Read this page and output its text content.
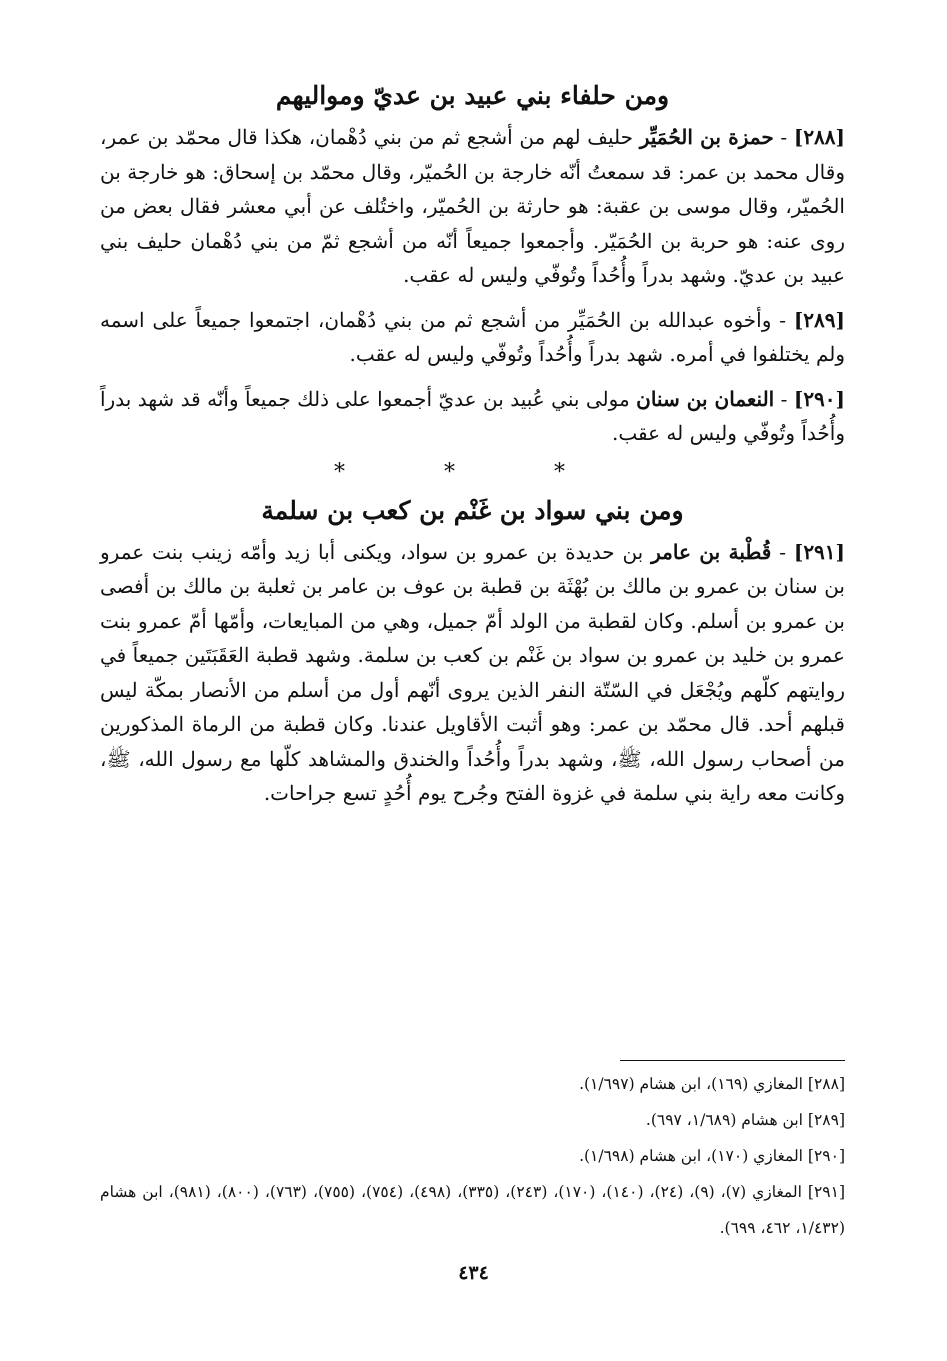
ومن حلفاء بني عبيد بن عديّ ومواليهم

[٢٨٨] - حمزة بن الحُمَيِّر حليف لهم من أشجع ثم من بني دُهْمان، هكذا قال محمّد بن عمر، وقال محمد بن عمر: قد سمعتُ أنّه خارجة بن الحُميّر، وقال محمّد بن إسحاق: هو خارجة بن الحُميّر، وقال موسى بن عقبة: هو حارثة بن الحُميّر، واختُلف عن أبي معشر فقال بعض من روى عنه: هو حربة بن الحُمَيّر. وأجمعوا جميعاً أنّه من أشجع ثمّ من بني دُهْمان حليف بني عبيد بن عديّ. وشهد بدراً وأُحُداً وتُوفّي وليس له عقب.

[٢٨٩] - وأخوه عبدالله بن الحُمَيِّر من أشجع ثم من بني دُهْمان، اجتمعوا جميعاً على اسمه ولم يختلفوا في أمره. شهد بدراً وأُحُداً وتُوفّي وليس له عقب.

[٢٩٠] - النعمان بن سنان مولى بني عُبيد بن عديّ أجمعوا على ذلك جميعاً وأنّه قد شهد بدراً وأُحُداً وتُوفّي وليس له عقب.

* * *
ومن بني سواد بن غَنْم بن كعب بن سلمة

[٢٩١] - قُطْبة بن عامر بن حديدة بن عمرو بن سواد، ويكنى أبا زيد وأمّه زينب بنت عمرو بن سنان بن عمرو بن مالك بن بُهْثَة بن قطبة بن عوف بن عامر بن ثعلبة بن مالك بن أفصى بن عمرو بن أسلم. وكان لقطبة من الولد أمّ جميل، وهي من المبايعات، وأمّها أمّ عمرو بنت عمرو بن خليد بن عمرو بن سواد بن غَنْم بن كعب بن سلمة. وشهد قطبة العَقَبَتَين جميعاً في روايتهم كلّهم ويُجْعَل في السّتّة النفر الذين يروى أنّهم أول من أسلم من الأنصار بمكّة ليس قبلهم أحد. قال محمّد بن عمر: وهو أثبت الأقاويل عندنا. وكان قطبة من الرماة المذكورين من أصحاب رسول الله، ﷺ، وشهد بدراً وأُحُداً والخندق والمشاهد كلّها مع رسول الله، ﷺ، وكانت معه راية بني سلمة في غزوة الفتح وجُرح يوم أُحُدٍ تسع جراحات.

[٢٨٨] المغازي (١٦٩)، ابن هشام (١/٦٩٧).

[٢٨٩] ابن هشام (١/٦٨٩، ٦٩٧).

[٢٩٠] المغازي (١٧٠)، ابن هشام (١/٦٩٨).

[٢٩١] المغازي (٧)، (٩)، (٢٤)، (١٤٠)، (١٧٠)، (٢٤٣)، (٣٣٥)، (٤٩٨)، (٧٥٤)، (٧٥٥)، (٧٦٣)، (٨٠٠)، (٩٨١)، ابن هشام (١/٤٣٢، ٤٦٢، ٦٩٩).

٤٣٤
